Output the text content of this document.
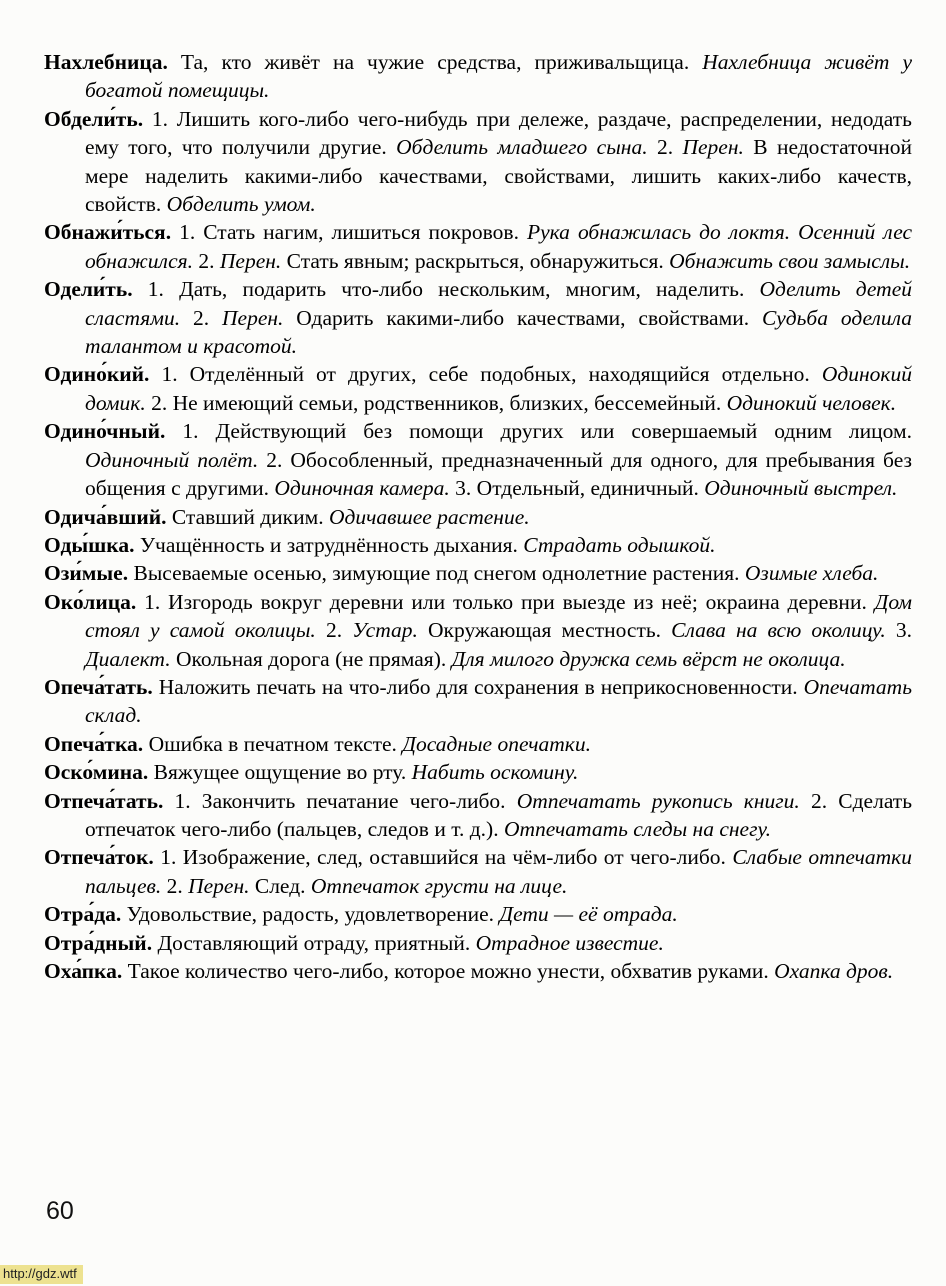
Нахлебница. Та, кто живёт на чужие средства, приживальщица. Нахлебница живёт у богатой помещицы.

Обдели́ть. 1. Лишить кого-либо чего-нибудь при дележе, раздаче, распределении, недодать ему того, что получили другие. Обделить младшего сына. 2. Перен. В недостаточной мере наделить какими-либо качествами, свойствами, лишить каких-либо качеств, свойств. Обделить умом.

Обнажи́ться. 1. Стать нагим, лишиться покровов. Рука обнажилась до локтя. Осенний лес обнажился. 2. Перен. Стать явным; раскрыться, обнаружиться. Обнажить свои замыслы.

Одели́ть. 1. Дать, подарить что-либо нескольким, многим, наделить. Оделить детей сластями. 2. Перен. Одарить какими-либо качествами, свойствами. Судьба оделила талантом и красотой.

Одино́кий. 1. Отделённый от других, себе подобных, находящийся отдельно. Одинокий домик. 2. Не имеющий семьи, родственников, близких, бессемейный. Одинокий человек.

Одино́чный. 1. Действующий без помощи других или совершаемый одним лицом. Одиночный полёт. 2. Обособленный, предназначенный для одного, для пребывания без общения с другими. Одиночная камера. 3. Отдельный, единичный. Одиночный выстрел.

Одича́вший. Ставший диким. Одичавшее растение.

Оды́шка. Учащённость и затруднённость дыхания. Страдать одышкой.

Ози́мые. Высеваемые осенью, зимующие под снегом однолетние растения. Озимые хлеба.

Око́лица. 1. Изгородь вокруг деревни или только при выезде из неё; окраина деревни. Дом стоял у самой околицы. 2. Устар. Окружающая местность. Слава на всю околицу. 3. Диалект. Окольная дорога (не прямая). Для милого дружка семь вёрст не околица.

Опеча́тать. Наложить печать на что-либо для сохранения в неприкосновенности. Опечатать склад.

Опеча́тка. Ошибка в печатном тексте. Досадные опечатки.

Оско́мина. Вяжущее ощущение во рту. Набить оскомину.

Отпеча́тать. 1. Закончить печатание чего-либо. Отпечатать рукопись книги. 2. Сделать отпечаток чего-либо (пальцев, следов и т. д.). Отпечатать следы на снегу.

Отпеча́ток. 1. Изображение, след, оставшийся на чём-либо от чего-либо. Слабые отпечатки пальцев. 2. Перен. След. Отпечаток грусти на лице.

Отра́да. Удовольствие, радость, удовлетворение. Дети — её отрада.

Отра́дный. Доставляющий отраду, приятный. Отрадное известие.

Оха́пка. Такое количество чего-либо, которое можно унести, обхватив руками. Охапка дров.

60
http://gdz.wtf
